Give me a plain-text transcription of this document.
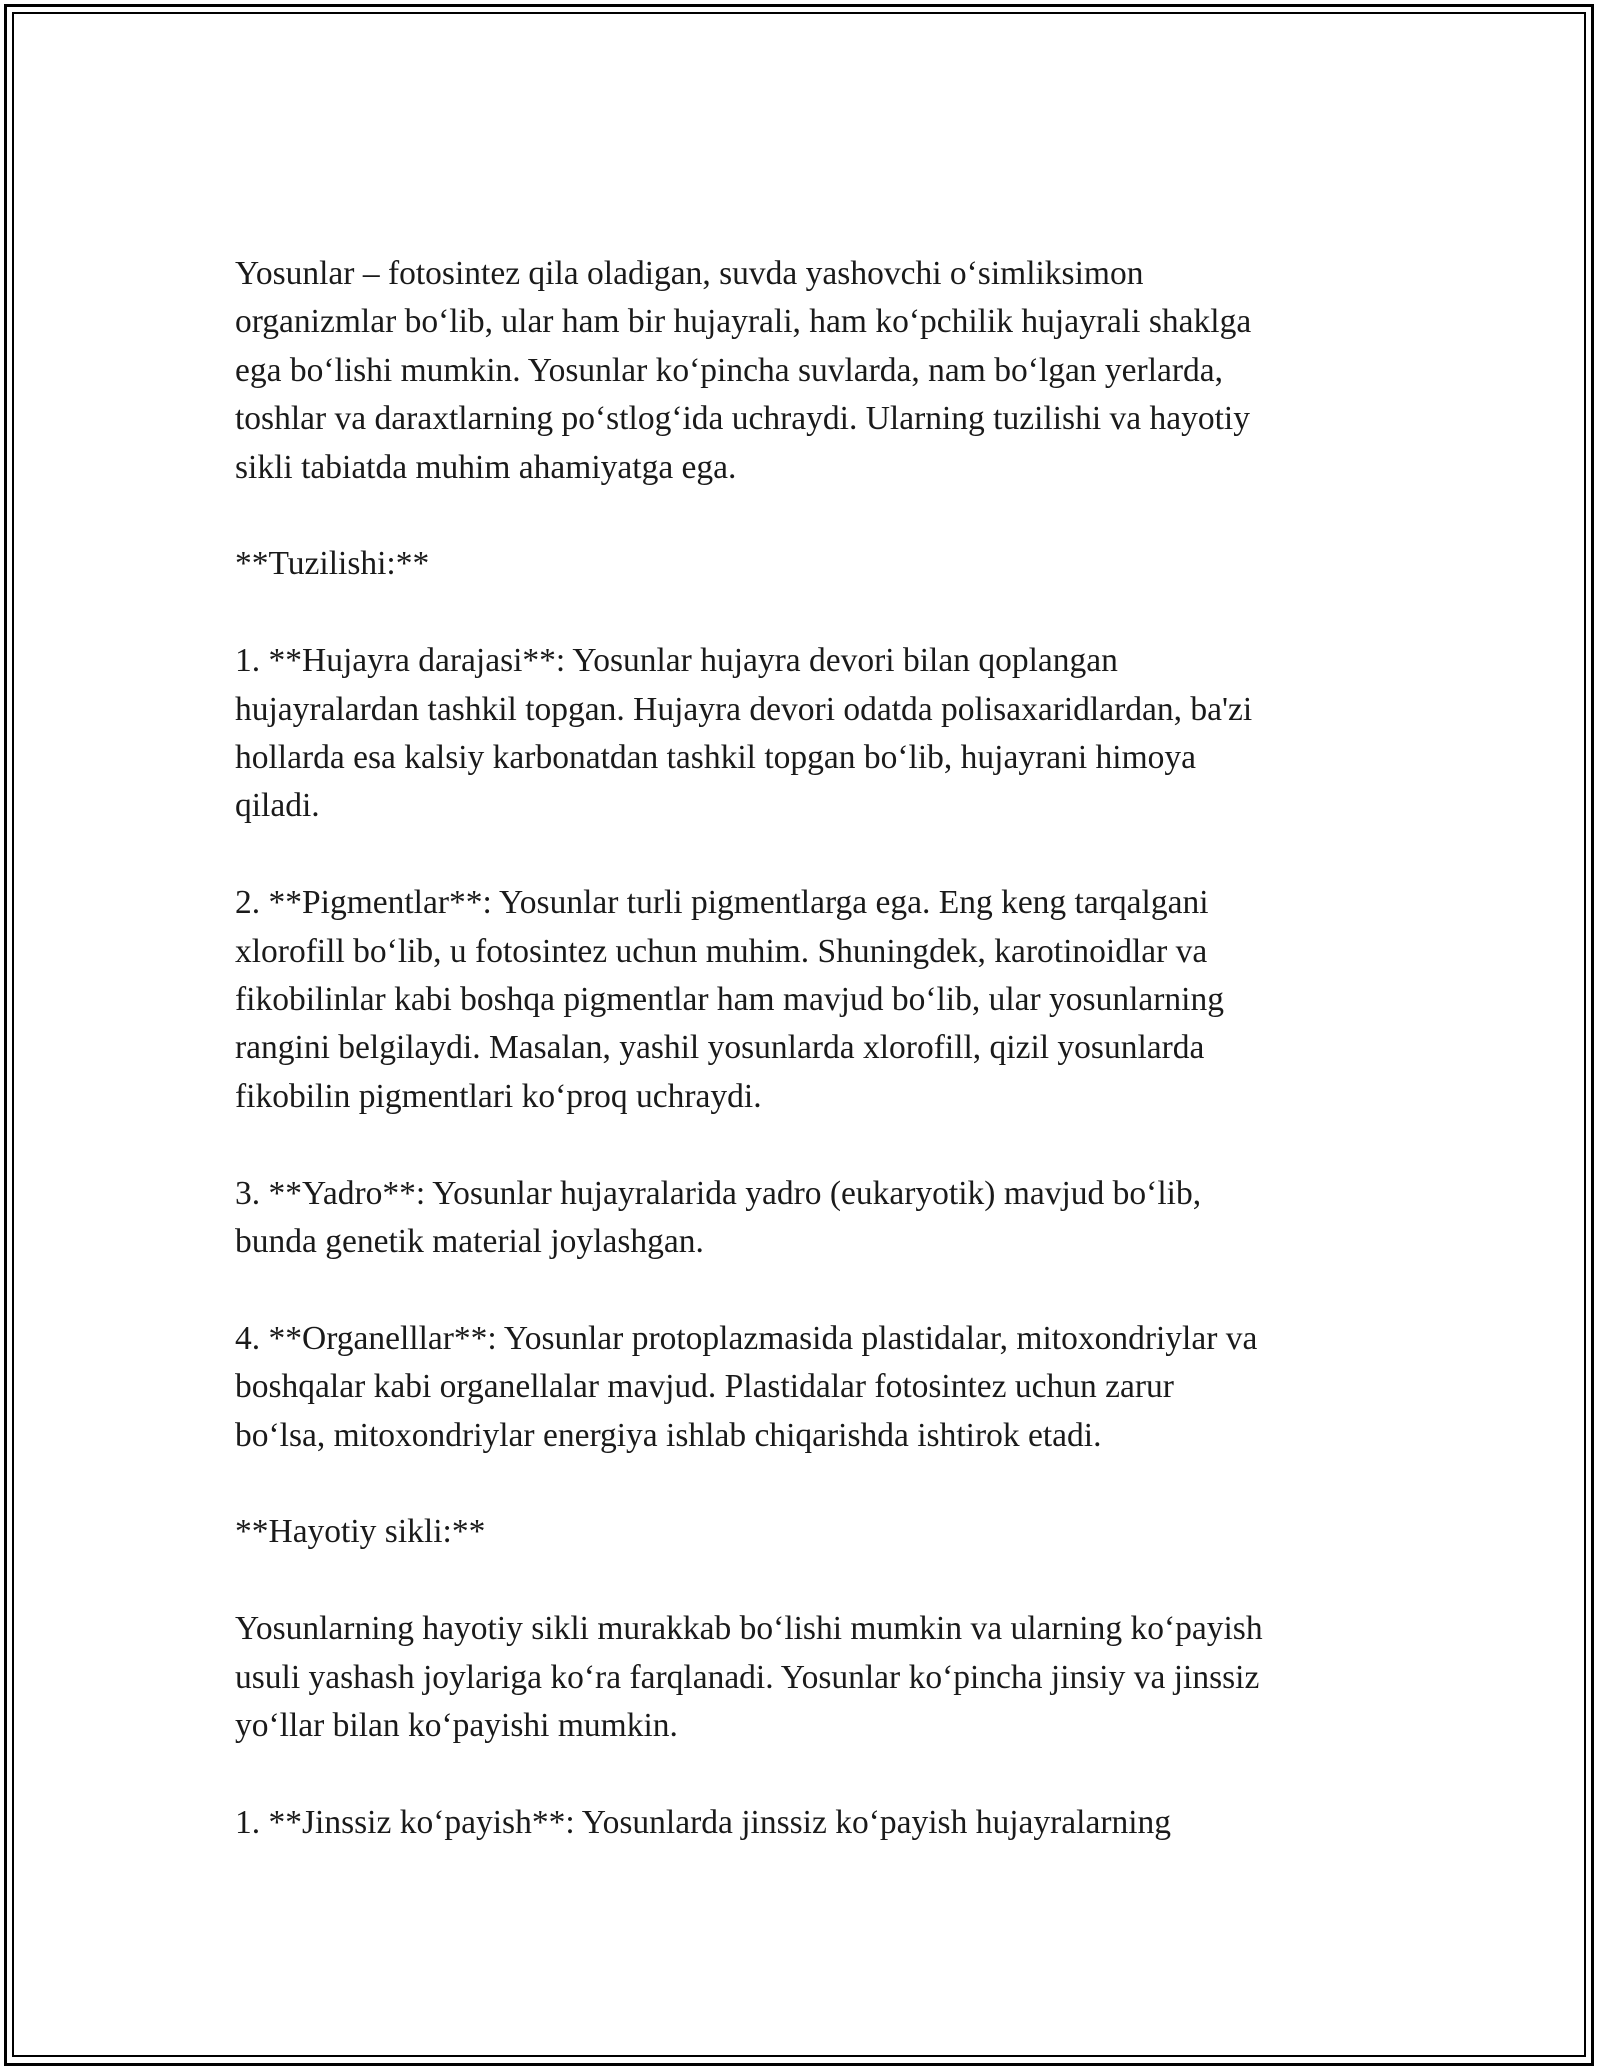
Yosunlar – fotosintez qila oladigan, suvda yashovchi o‘simliksimon
organizmlar bo‘lib, ular ham bir hujayrali, ham ko‘pchilik hujayrali shaklga
ega bo‘lishi mumkin. Yosunlar ko‘pincha suvlarda, nam bo‘lgan yerlarda,
toshlar va daraxtlarning po‘stlog‘ida uchraydi. Ularning tuzilishi va hayotiy
sikli tabiatda muhim ahamiyatga ega.

**Tuzilishi:**

1. **Hujayra darajasi**: Yosunlar hujayra devori bilan qoplangan
hujayralardan tashkil topgan. Hujayra devori odatda polisaxaridlardan, ba'zi
hollarda esa kalsiy karbonatdan tashkil topgan bo‘lib, hujayrani himoya
qiladi.

2. **Pigmentlar**: Yosunlar turli pigmentlarga ega. Eng keng tarqalgani
xlorofill bo‘lib, u fotosintez uchun muhim. Shuningdek, karotinoidlar va
fikobilinlar kabi boshqa pigmentlar ham mavjud bo‘lib, ular yosunlarning
rangini belgilaydi. Masalan, yashil yosunlarda xlorofill, qizil yosunlarda
fikobilin pigmentlari ko‘proq uchraydi.

3. **Yadro**: Yosunlar hujayralarida yadro (eukaryotik) mavjud bo‘lib,
bunda genetik material joylashgan.

4. **Organelllar**: Yosunlar protoplazmasida plastidalar, mitoxondriylar va
boshqalar kabi organellalar mavjud. Plastidalar fotosintez uchun zarur
bo‘lsa, mitoxondriylar energiya ishlab chiqarishda ishtirok etadi.

**Hayotiy sikli:**

Yosunlarning hayotiy sikli murakkab bo‘lishi mumkin va ularning ko‘payish
usuli yashash joylariga ko‘ra farqlanadi. Yosunlar ko‘pincha jinsiy va jinssiz
yo‘llar bilan ko‘payishi mumkin.

1. **Jinssiz ko‘payish**: Yosunlarda jinssiz ko‘payish hujayralarning
